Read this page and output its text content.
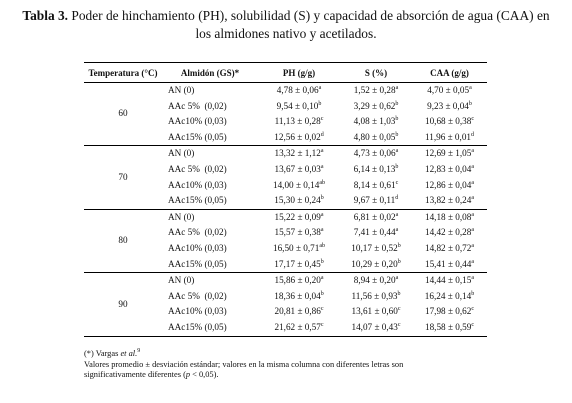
Tabla 3. Poder de hinchamiento (PH), solubilidad (S) y capacidad de absorción de agua (CAA) en
los almidones nativo y acetilados.
Temperatura (°C)	Almidón (GS)*	PH (g/g)	S (%)	CAA (g/g)
60	AN (0)	4,78 ± 0,06$^a$	1,52 ± 0,28$^a$	4,70 ± 0,05$^a$
	AAc 5%  (0,02)	9,54 ± 0,10$^b$	3,29 ± 0,62$^b$	9,23 ± 0,04$^b$
	AAc10% (0,03)	11,13 ± 0,28$^c$	4,08 ± 1,03$^b$	10,68 ± 0,38$^c$
	AAc15% (0,05)	12,56 ± 0,02$^d$	4,80 ± 0,05$^b$	11,96 ± 0,01$^d$
70	AN (0)	13,32 ± 1,12$^a$	4,73 ± 0,06$^a$	12,69 ± 1,05$^a$
	AAc 5%  (0,02)	13,67 ± 0,03$^a$	6,14 ± 0,13$^b$	12,83 ± 0,04$^a$
	AAc10% (0,03)	14,00 ± 0,14$^{ab}$	8,14 ± 0,61$^c$	12,86 ± 0,04$^a$
	AAc15% (0,05)	15,30 ± 0,24$^b$	9,67 ± 0,11$^d$	13,82 ± 0,24$^a$
80	AN (0)	15,22 ± 0,09$^a$	6,81 ± 0,02$^a$	14,18 ± 0,08$^a$
	AAc 5%  (0,02)	15,57 ± 0,38$^a$	7,41 ± 0,44$^a$	14,42 ± 0,28$^a$
	AAc10% (0,03)	16,50 ± 0,71$^{ab}$	10,17 ± 0,52$^b$	14,82 ± 0,72$^a$
	AAc15% (0,05)	17,17 ± 0,45$^b$	10,29 ± 0,20$^b$	15,41 ± 0,44$^a$
90	AN (0)	15,86 ± 0,20$^a$	8,94 ± 0,20$^a$	14,44 ± 0,15$^a$
	AAc 5%  (0,02)	18,36 ± 0,04$^b$	11,56 ± 0,93$^b$	16,24 ± 0,14$^b$
	AAc10% (0,03)	20,81 ± 0,86$^c$	13,61 ± 0,60$^c$	17,98 ± 0,62$^c$
	AAc15% (0,05)	21,62 ± 0,57$^c$	14,07 ± 0,43$^c$	18,58 ± 0,59$^c$
(*) Vargas et al.$^9$
Valores promedio ± desviación estándar; valores en la misma columna con diferentes letras son
significativamente diferentes (p < 0,05).
